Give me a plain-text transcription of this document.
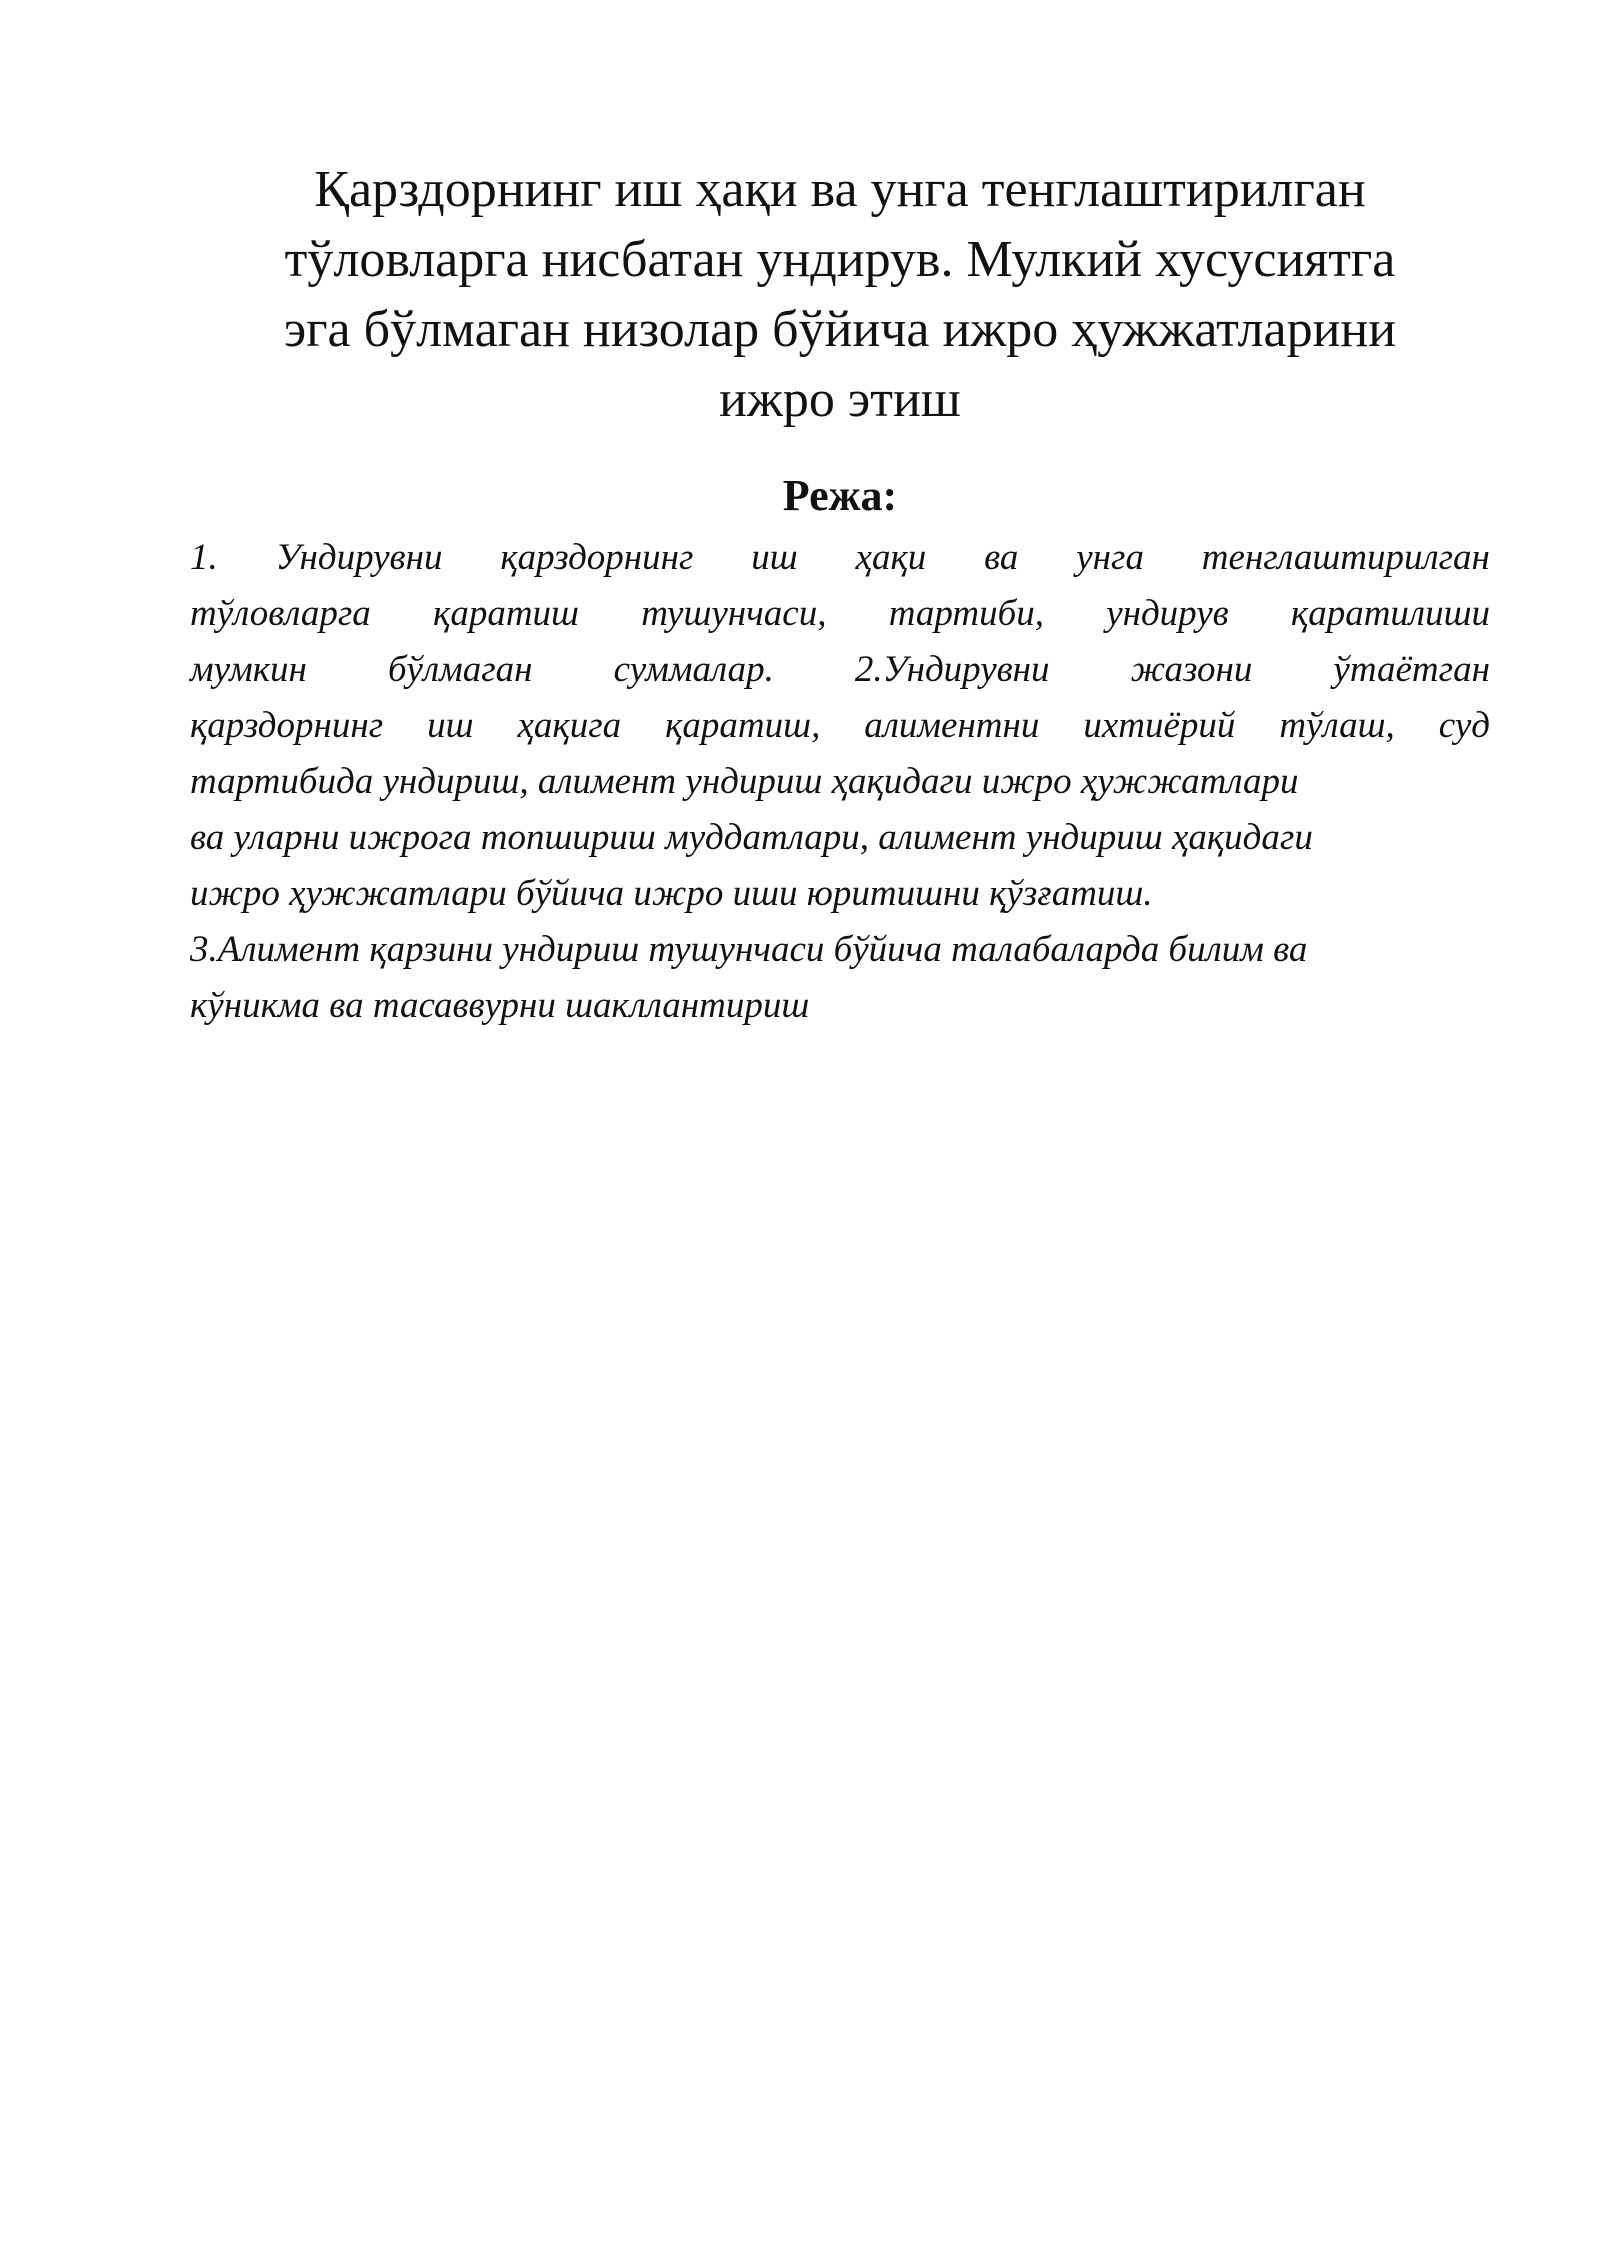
Қарздорнинг иш ҳақи ва унга тенглаштирилган
тўловларга нисбатан ундирув. Мулкий хусусиятга
эга бўлмаган низолар бўйича ижро ҳужжатларини
ижро этиш
Режа:
1. Ундирувни қарздорнинг иш ҳақи ва унга тенглаштирилган
тўловларга қаратиш тушунчаси, тартиби, ундирув қаратилиши
мумкин бўлмаган суммалар. 2.Ундирувни жазони ўтаётган
қарздорнинг иш ҳақига қаратиш, алиментни ихтиёрий тўлаш, суд
тартибида ундириш, алимент ундириш ҳақидаги ижро ҳужжатлари
ва уларни ижрога топшириш муддатлари, алимент ундириш ҳақидаги
ижро ҳужжатлари бўйича ижро иши юритишни қўзғатиш.
3.Алимент қарзини ундириш тушунчаси бўйича талабаларда билим ва
кўникма ва тасаввурни шакллантириш
